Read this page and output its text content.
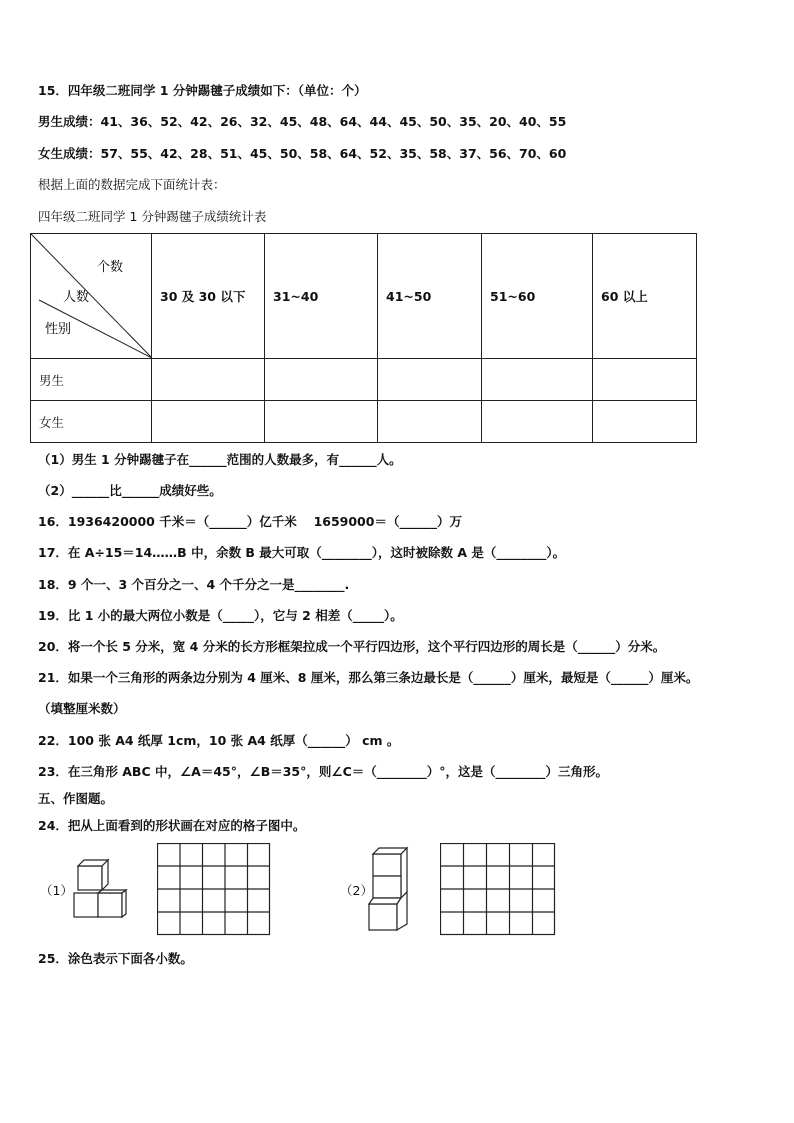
15．四年级二班同学 1 分钟踢毽子成绩如下：（单位：个）
男生成绩：41、36、52、42、26、32、45、48、64、44、45、50、35、20、40、55
女生成绩：57、55、42、28、51、45、50、58、64、52、35、58、37、56、70、60
根据上面的数据完成下面统计表：
四年级二班同学 1 分钟踢毽子成绩统计表
个数
人数
性别	30 及 30 以下	31~40	41~50	51~60	60 以上
男生					
女生					
（1）男生 1 分钟踢毽子在______范围的人数最多，有______人。
（2）______比______成绩好些。
16．1936420000 千米＝（______）亿千米　 1659000＝（______）万
17．在 A÷15＝14……B 中，余数 B 最大可取（________），这时被除数 A 是（________）。
18．9 个一、3 个百分之一、4 个千分之一是________.
19．比 1 小的最大两位小数是（_____），它与 2 相差（_____）。
20．将一个长 5 分米，宽 4 分米的长方形框架拉成一个平行四边形，这个平行四边形的周长是（______）分米。
21．如果一个三角形的两条边分别为 4 厘米、8 厘米，那么第三条边最长是（______）厘米，最短是（______）厘米。
（填整厘米数）
22．100 张 A4 纸厚 1cm，10 张 A4 纸厚（______） cm 。
23．在三角形 ABC 中，∠A＝45°，∠B＝35°，则∠C＝（________）°，这是（________）三角形。
五、作图题。
24．把从上面看到的形状画在对应的格子图中。
（1）	（2）
25．涂色表示下面各小数。
